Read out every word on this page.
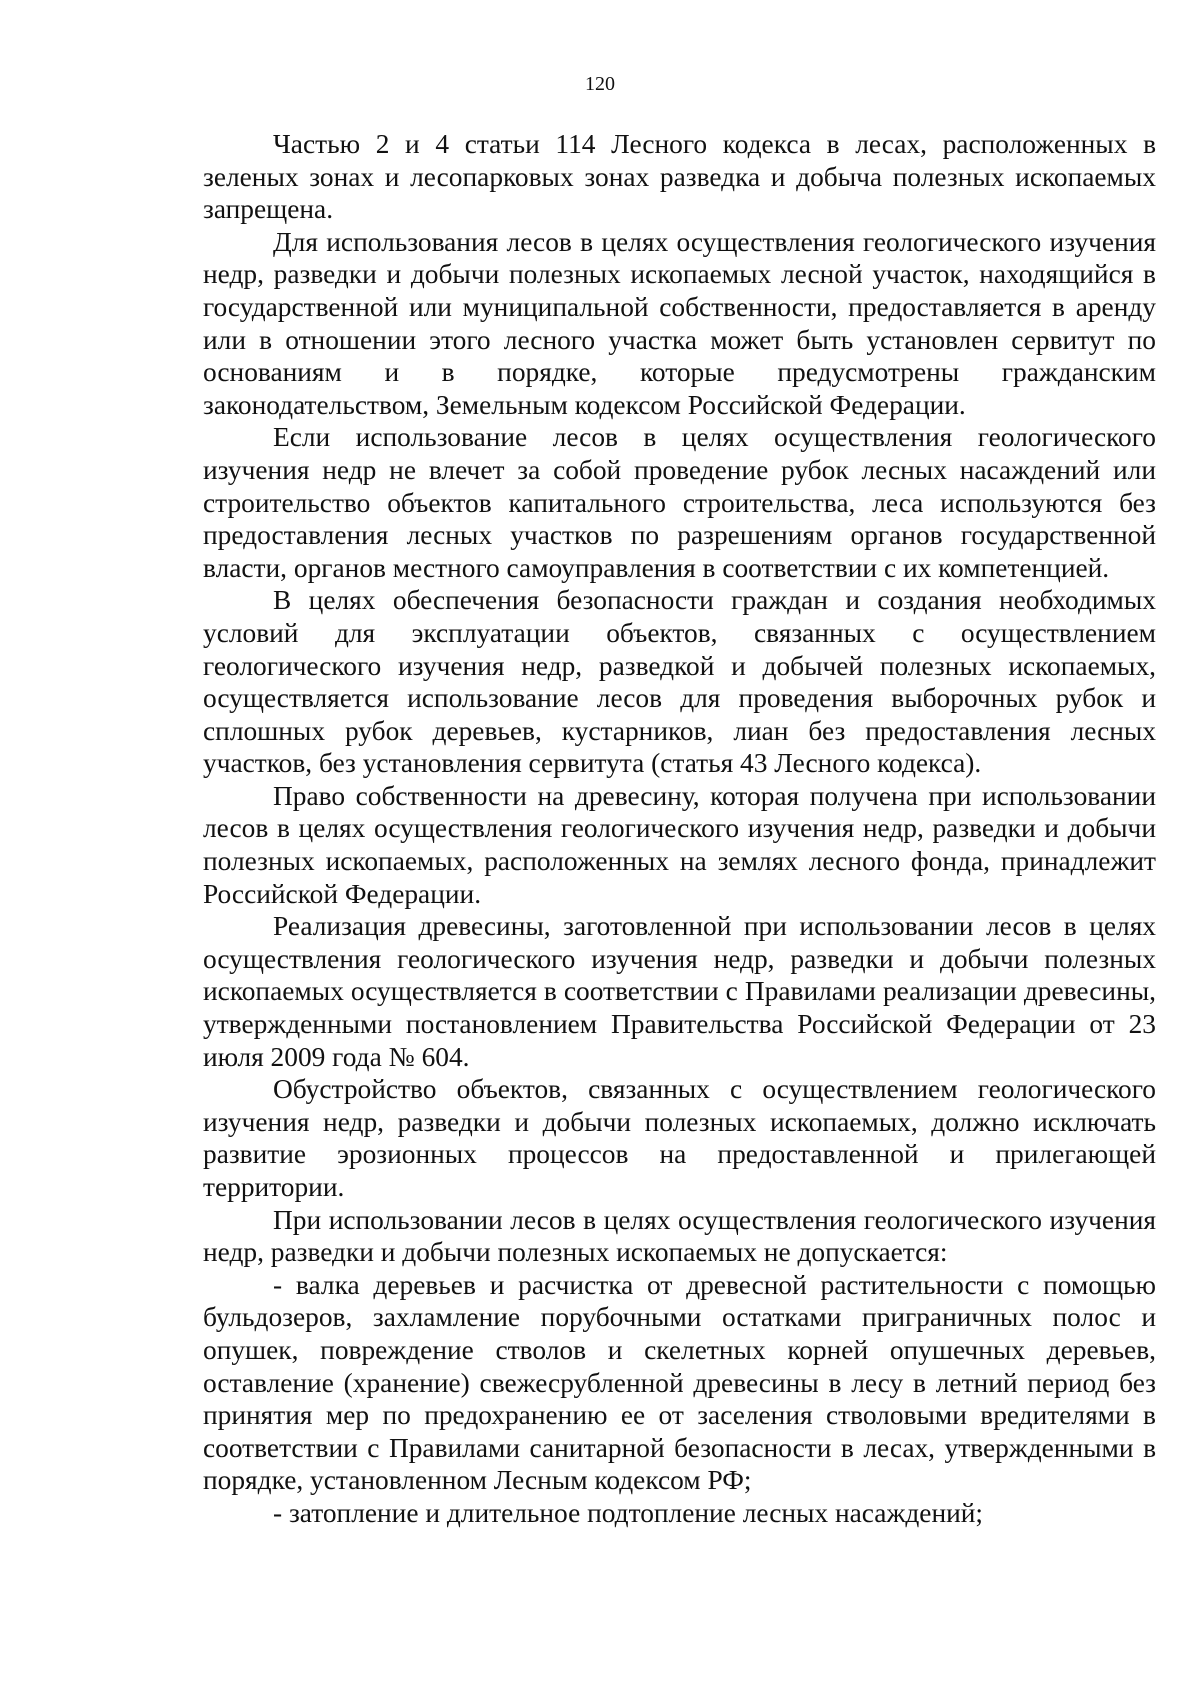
120

Частью 2 и 4 статьи 114 Лесного кодекса в лесах, расположенных в зеленых зонах и лесопарковых зонах разведка и добыча полезных ископаемых запрещена.

Для использования лесов в целях осуществления геологического изучения недр, разведки и добычи полезных ископаемых лесной участок, находящийся в государственной или муниципальной собственности, предоставляется в аренду или в отношении этого лесного участка может быть установлен сервитут по основаниям и в порядке, которые предусмотрены гражданским законодательством, Земельным кодексом Российской Федерации.

Если использование лесов в целях осуществления геологического изучения недр не влечет за собой проведение рубок лесных насаждений или строительство объектов капитального строительства, леса используются без предоставления лесных участков по разрешениям органов государственной власти, органов местного самоуправления в соответствии с их компетенцией.

В целях обеспечения безопасности граждан и создания необходимых условий для эксплуатации объектов, связанных с осуществлением геологического изучения недр, разведкой и добычей полезных ископаемых, осуществляется использование лесов для проведения выборочных рубок и сплошных рубок деревьев, кустарников, лиан без предоставления лесных участков, без установления сервитута (статья 43 Лесного кодекса).

Право собственности на древесину, которая получена при использовании лесов в целях осуществления геологического изучения недр, разведки и добычи полезных ископаемых, расположенных на землях лесного фонда, принадлежит Российской Федерации.

Реализация древесины, заготовленной при использовании лесов в целях осуществления геологического изучения недр, разведки и добычи полезных ископаемых осуществляется в соответствии с Правилами реализации древесины, утвержденными постановлением Правительства Российской Федерации от 23 июля 2009 года № 604.

Обустройство объектов, связанных с осуществлением геологического изучения недр, разведки и добычи полезных ископаемых, должно исключать развитие эрозионных процессов на предоставленной и прилегающей территории.

При использовании лесов в целях осуществления геологического изучения недр, разведки и добычи полезных ископаемых не допускается:

- валка деревьев и расчистка от древесной растительности с помощью бульдозеров, захламление порубочными остатками приграничных полос и опушек, повреждение стволов и скелетных корней опушечных деревьев, оставление (хранение) свежесрубленной древесины в лесу в летний период без принятия мер по предохранению ее от заселения стволовыми вредителями в соответствии с Правилами санитарной безопасности в лесах, утвержденными в порядке, установленном Лесным кодексом РФ;

- затопление и длительное подтопление лесных насаждений;
